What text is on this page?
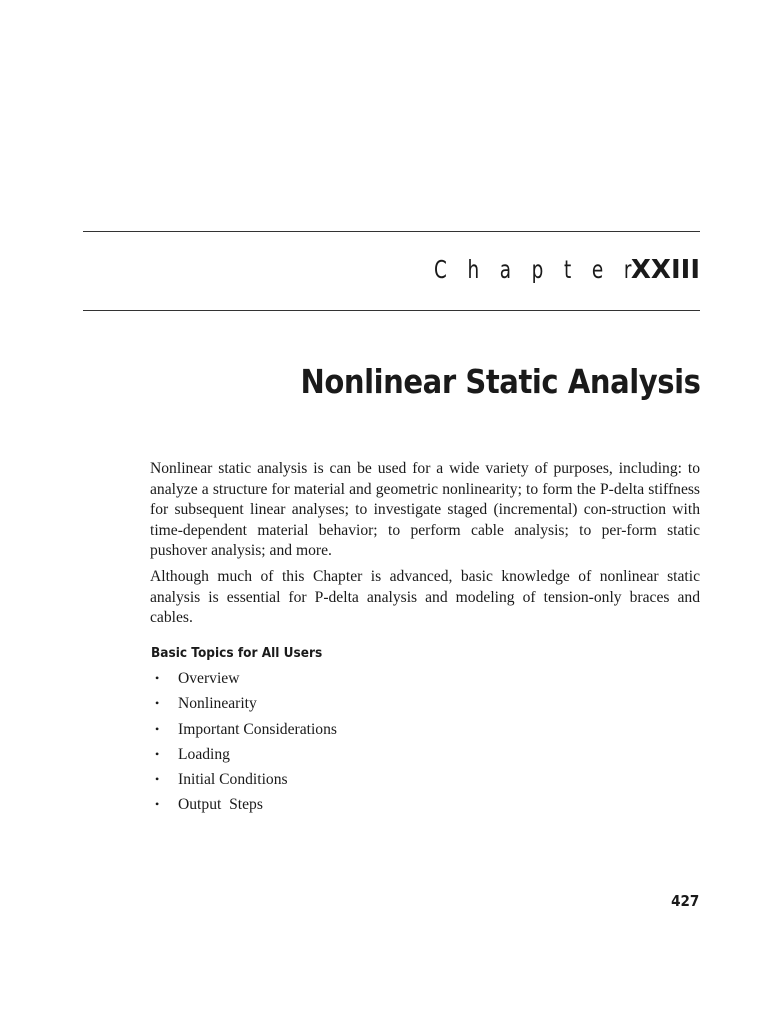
C h a p t e r
XXIII
Nonlinear Static Analysis

Nonlinear static analysis is can be used for a wide variety of purposes, including: to analyze a structure for material and geometric nonlinearity; to form the P-delta stiffness for subsequent linear analyses; to investigate staged (incremental) con-struction with time-dependent material behavior; to perform cable analysis; to per-form static pushover analysis; and more.

Although much of this Chapter is advanced, basic knowledge of nonlinear static analysis is essential for P-delta analysis and modeling of tension-only braces and cables.

Basic Topics for All Users
•	Overview
•	Nonlinearity
•	Important Considerations
•	Loading
•	Initial Conditions
•	Output  Steps
427
